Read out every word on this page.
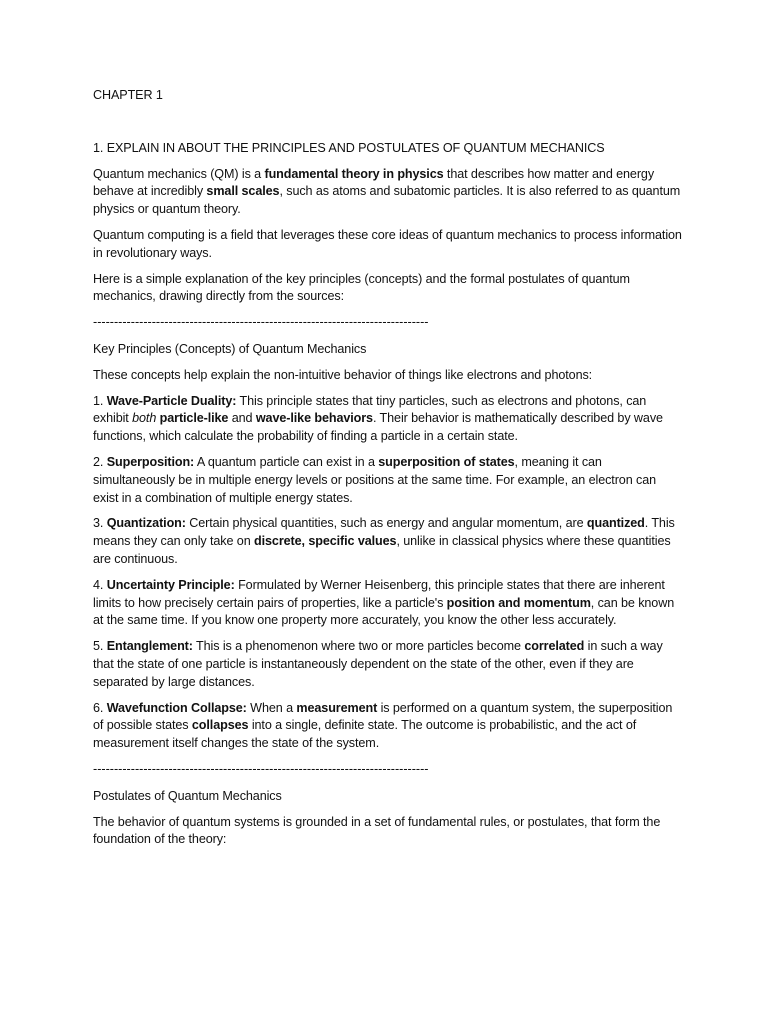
CHAPTER 1

1. EXPLAIN IN ABOUT THE PRINCIPLES AND POSTULATES OF QUANTUM MECHANICS

Quantum mechanics (QM) is a fundamental theory in physics that describes how matter and energy behave at incredibly small scales, such as atoms and subatomic particles. It is also referred to as quantum physics or quantum theory.

Quantum computing is a field that leverages these core ideas of quantum mechanics to process information in revolutionary ways.

Here is a simple explanation of the key principles (concepts) and the formal postulates of quantum mechanics, drawing directly from the sources:

--------------------------------------------------------------------------------

Key Principles (Concepts) of Quantum Mechanics

These concepts help explain the non-intuitive behavior of things like electrons and photons:

1. Wave-Particle Duality: This principle states that tiny particles, such as electrons and photons, can exhibit both particle-like and wave-like behaviors. Their behavior is mathematically described by wave functions, which calculate the probability of finding a particle in a certain state.

2. Superposition: A quantum particle can exist in a superposition of states, meaning it can simultaneously be in multiple energy levels or positions at the same time. For example, an electron can exist in a combination of multiple energy states.

3. Quantization: Certain physical quantities, such as energy and angular momentum, are quantized. This means they can only take on discrete, specific values, unlike in classical physics where these quantities are continuous.

4. Uncertainty Principle: Formulated by Werner Heisenberg, this principle states that there are inherent limits to how precisely certain pairs of properties, like a particle's position and momentum, can be known at the same time. If you know one property more accurately, you know the other less accurately.

5. Entanglement: This is a phenomenon where two or more particles become correlated in such a way that the state of one particle is instantaneously dependent on the state of the other, even if they are separated by large distances.

6. Wavefunction Collapse: When a measurement is performed on a quantum system, the superposition of possible states collapses into a single, definite state. The outcome is probabilistic, and the act of measurement itself changes the state of the system.

--------------------------------------------------------------------------------

Postulates of Quantum Mechanics

The behavior of quantum systems is grounded in a set of fundamental rules, or postulates, that form the foundation of the theory:
